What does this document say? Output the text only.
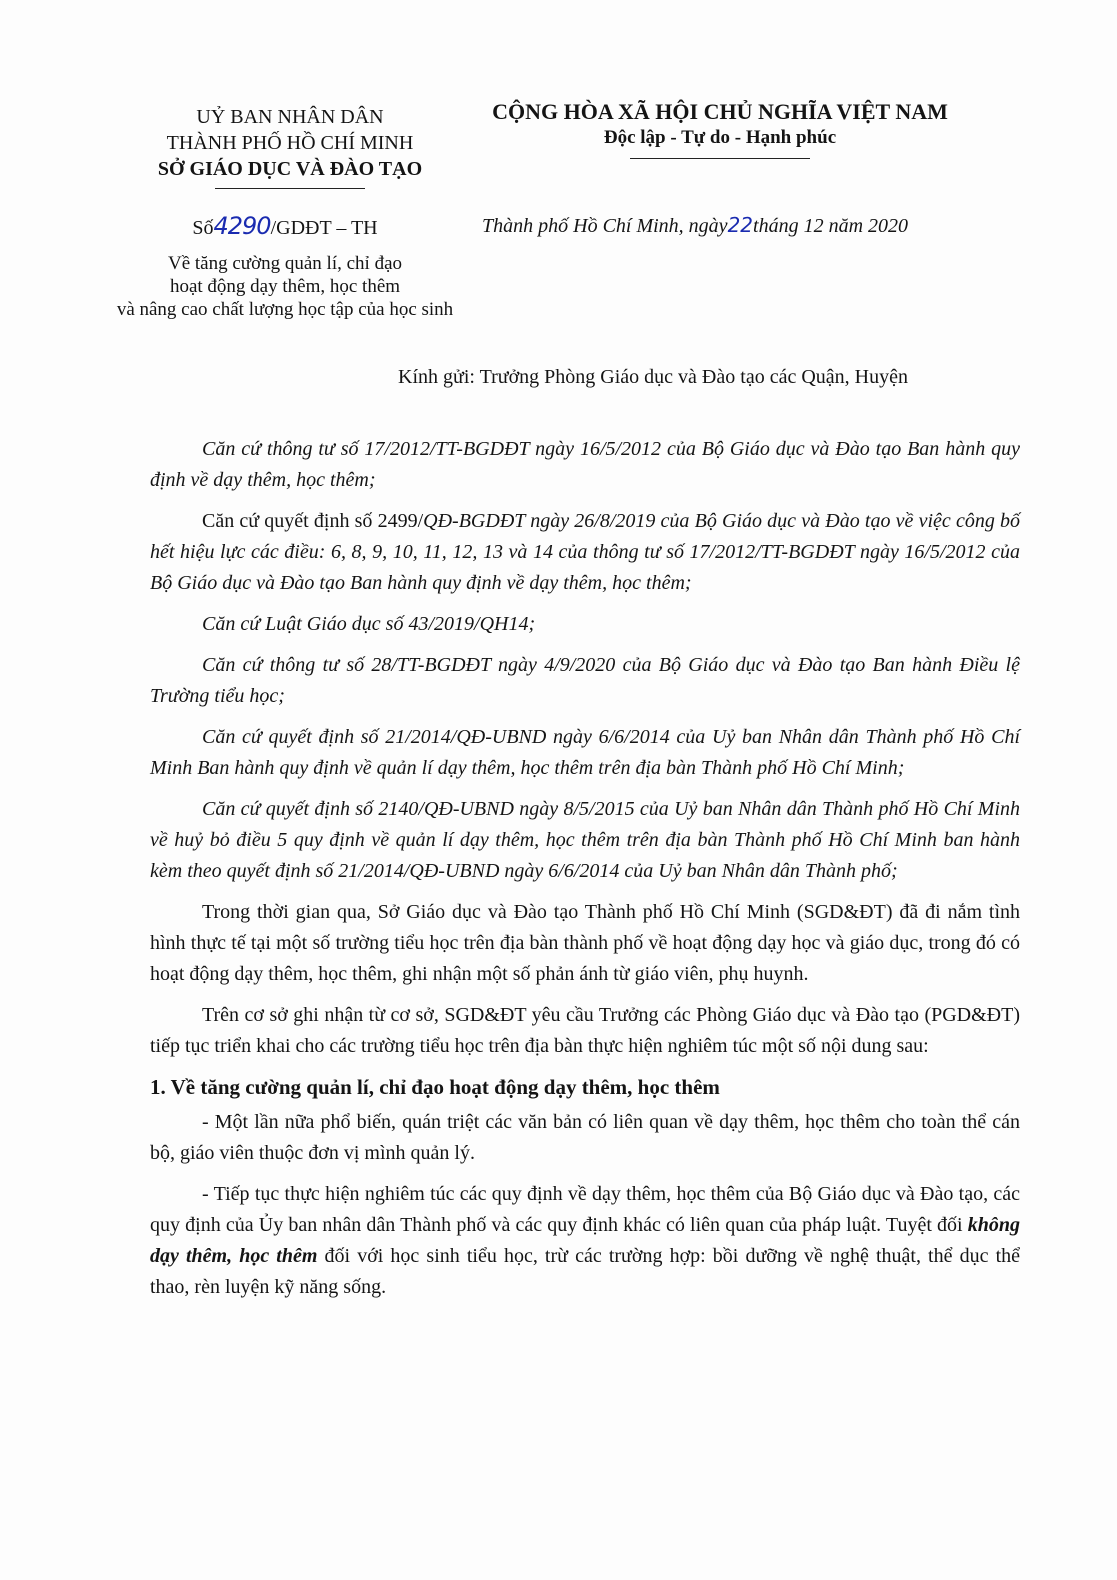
UỶ BAN NHÂN DÂN
THÀNH PHỐ HỒ CHÍ MINH
SỞ GIÁO DỤC VÀ ĐÀO TẠO
CỘNG HÒA XÃ HỘI CHỦ NGHĨA VIỆT NAM
Độc lập - Tự do - Hạnh phúc
Số4290/GDĐT – TH
Về tăng cường quản lí, chỉ đạo
hoạt động dạy thêm, học thêm
và nâng cao chất lượng học tập của học sinh
Thành phố Hồ Chí Minh, ngày22tháng 12 năm 2020
Kính gửi: Trưởng Phòng Giáo dục và Đào tạo các Quận, Huyện

Căn cứ thông tư số 17/2012/TT-BGDĐT ngày 16/5/2012 của Bộ Giáo dục và Đào tạo Ban hành quy định về dạy thêm, học thêm;

Căn cứ quyết định số 2499/QĐ-BGDĐT ngày 26/8/2019 của Bộ Giáo dục và Đào tạo về việc công bố hết hiệu lực các điều: 6, 8, 9, 10, 11, 12, 13 và 14 của thông tư số 17/2012/TT-BGDĐT ngày 16/5/2012 của Bộ Giáo dục và Đào tạo Ban hành quy định về dạy thêm, học thêm;

Căn cứ Luật Giáo dục số 43/2019/QH14;

Căn cứ thông tư số 28/TT-BGDĐT ngày 4/9/2020 của Bộ Giáo dục và Đào tạo Ban hành Điều lệ Trường tiểu học;

Căn cứ quyết định số 21/2014/QĐ-UBND ngày 6/6/2014 của Uỷ ban Nhân dân Thành phố Hồ Chí Minh Ban hành quy định về quản lí dạy thêm, học thêm trên địa bàn Thành phố Hồ Chí Minh;

Căn cứ quyết định số 2140/QĐ-UBND ngày 8/5/2015 của Uỷ ban Nhân dân Thành phố Hồ Chí Minh về huỷ bỏ điều 5 quy định về quản lí dạy thêm, học thêm trên địa bàn Thành phố Hồ Chí Minh ban hành kèm theo quyết định số 21/2014/QĐ-UBND ngày 6/6/2014 của Uỷ ban Nhân dân Thành phố;

Trong thời gian qua, Sở Giáo dục và Đào tạo Thành phố Hồ Chí Minh (SGD&ĐT) đã đi nắm tình hình thực tế tại một số trường tiểu học trên địa bàn thành phố về hoạt động dạy học và giáo dục, trong đó có hoạt động dạy thêm, học thêm, ghi nhận một số phản ánh từ giáo viên, phụ huynh.

Trên cơ sở ghi nhận từ cơ sở, SGD&ĐT yêu cầu Trưởng các Phòng Giáo dục và Đào tạo (PGD&ĐT) tiếp tục triển khai cho các trường tiểu học trên địa bàn thực hiện nghiêm túc một số nội dung sau:

1. Về tăng cường quản lí, chỉ đạo hoạt động dạy thêm, học thêm

- Một lần nữa phổ biến, quán triệt các văn bản có liên quan về dạy thêm, học thêm cho toàn thể cán bộ, giáo viên thuộc đơn vị mình quản lý.

- Tiếp tục thực hiện nghiêm túc các quy định về dạy thêm, học thêm của Bộ Giáo dục và Đào tạo, các quy định của Ủy ban nhân dân Thành phố và các quy định khác có liên quan của pháp luật. Tuyệt đối không dạy thêm, học thêm đối với học sinh tiểu học, trừ các trường hợp: bồi dưỡng về nghệ thuật, thể dục thể thao, rèn luyện kỹ năng sống.
